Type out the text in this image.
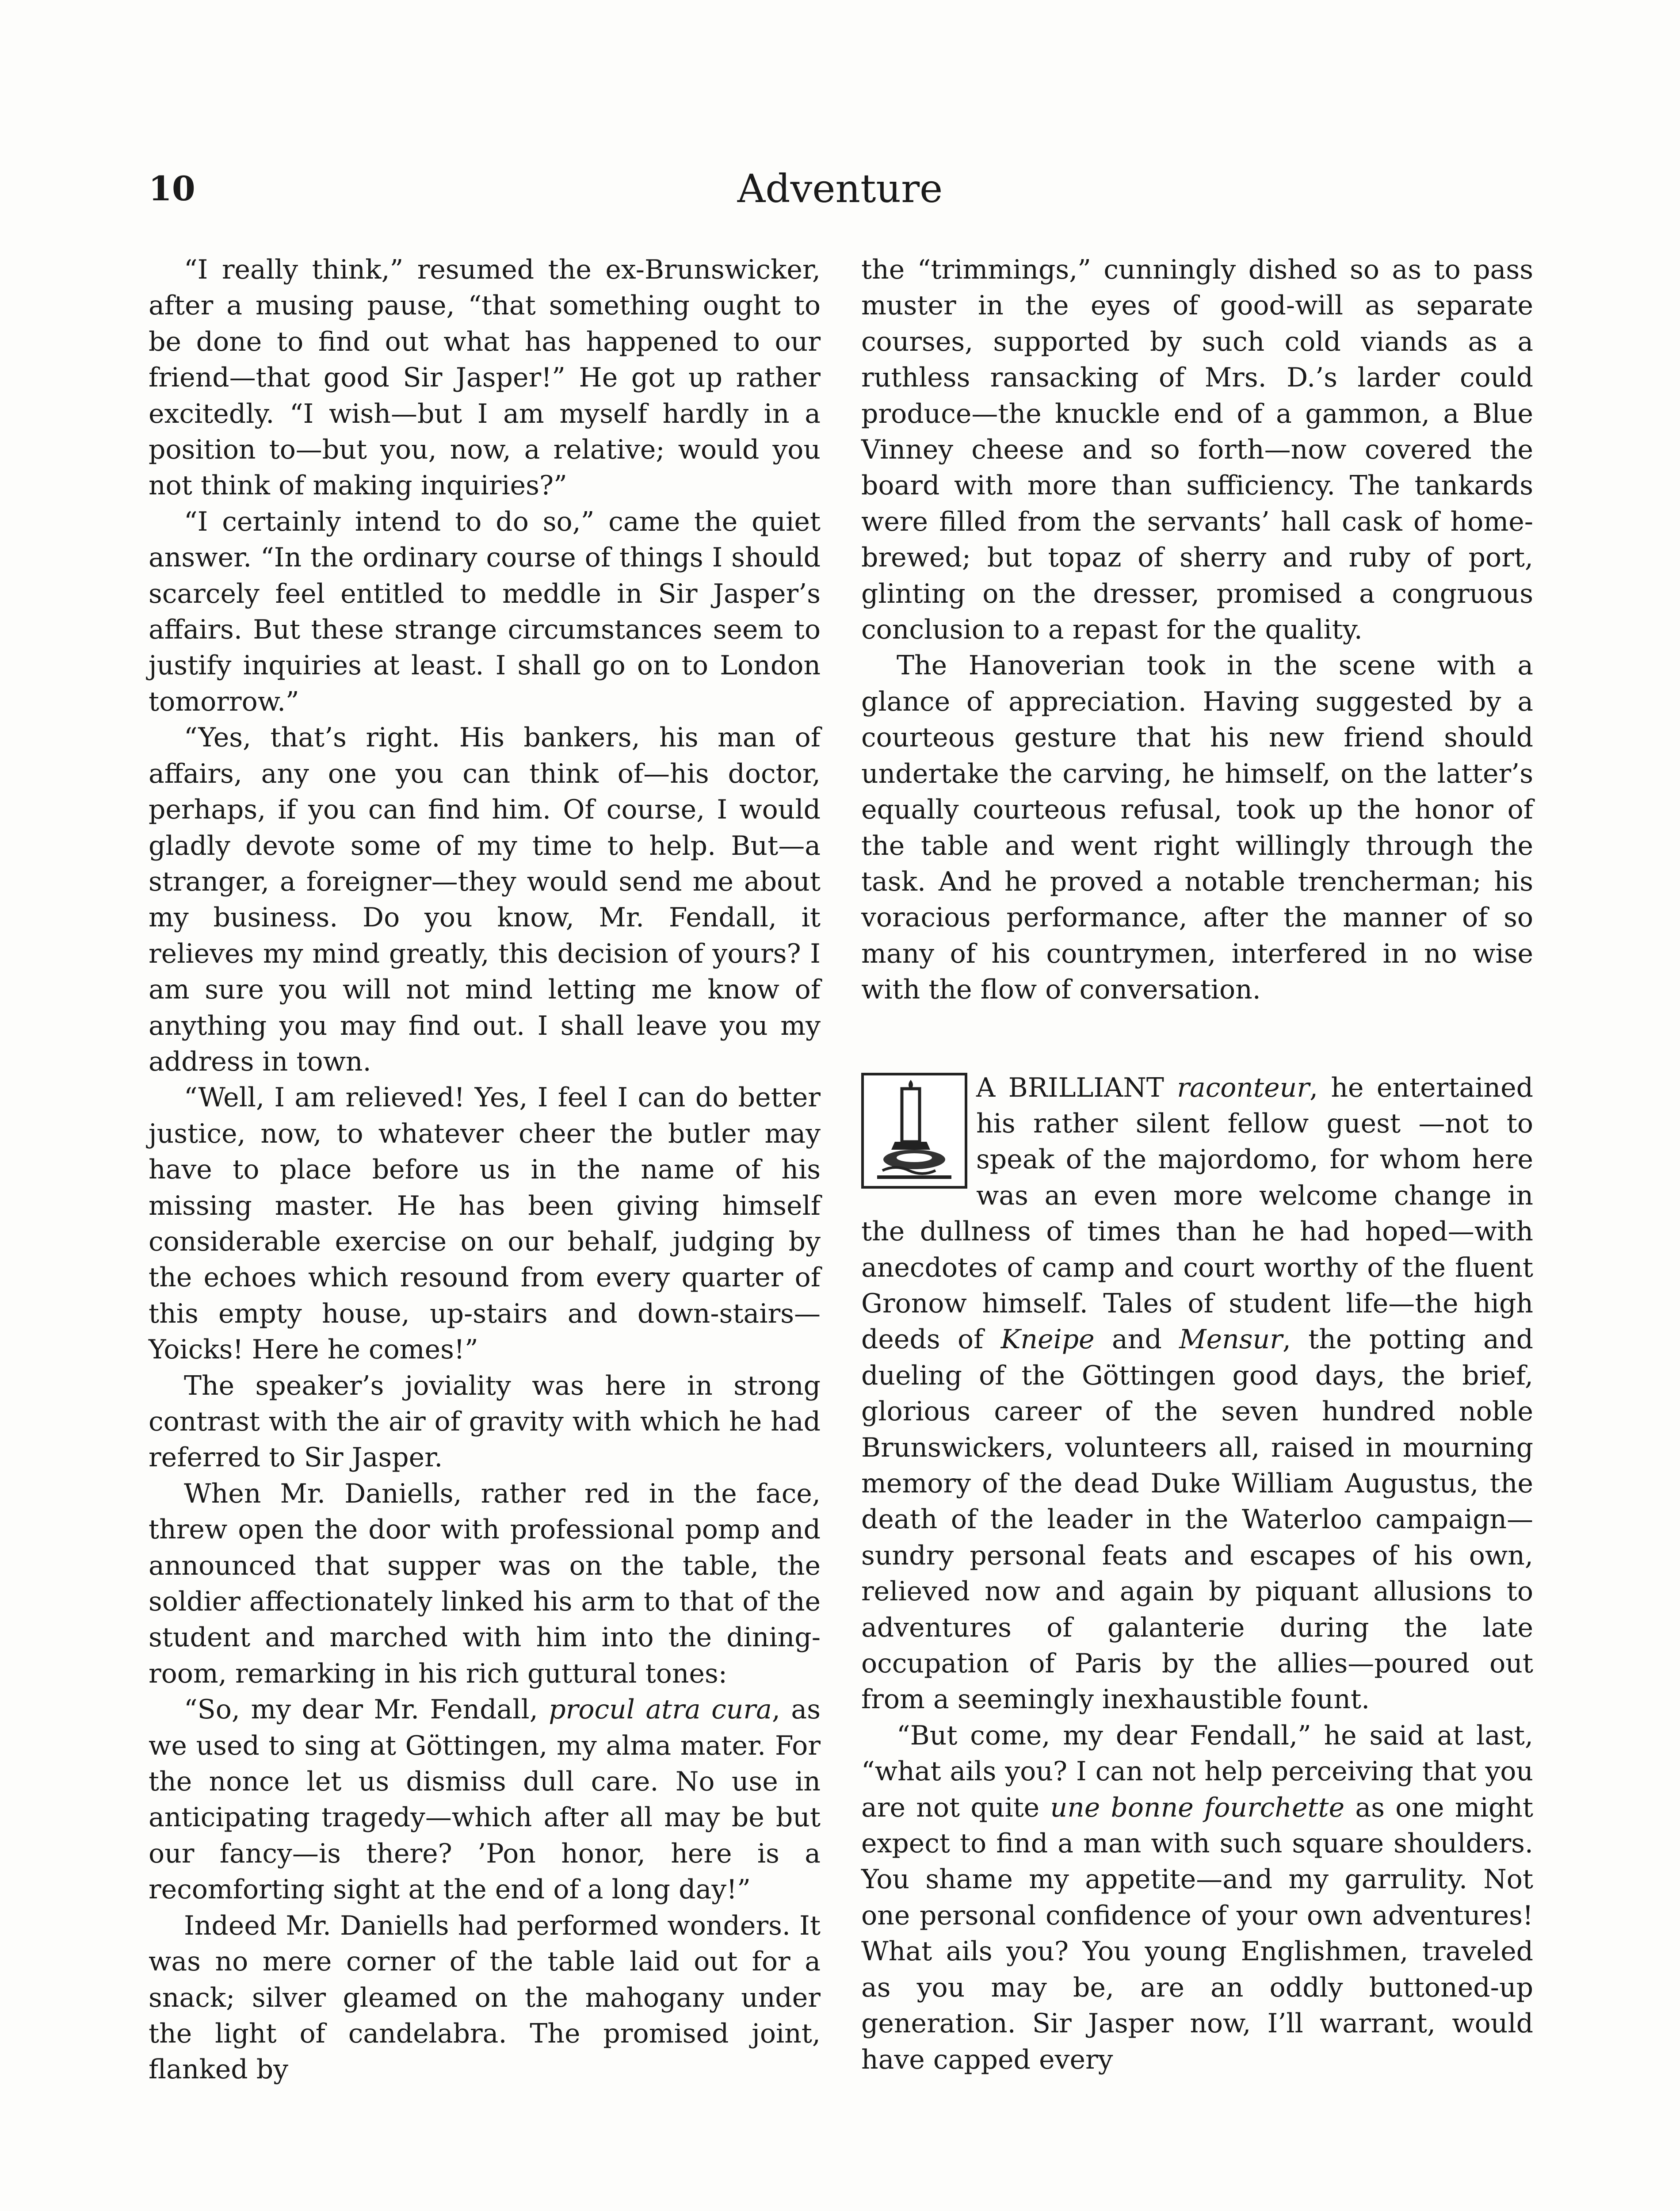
10	Adventure

“I really think,” resumed the ex-Brunswicker, after a musing pause, “that something ought to be done to find out what has happened to our friend—that good Sir Jasper!” He got up rather excitedly. “I wish—but I am myself hardly in a position to—but you, now, a relative; would you not think of making inquiries?”

“I certainly intend to do so,” came the quiet answer. “In the ordinary course of things I should scarcely feel entitled to meddle in Sir Jasper’s affairs. But these strange circumstances seem to justify inquiries at least. I shall go on to London tomorrow.”

“Yes, that’s right. His bankers, his man of affairs, any one you can think of—his doctor, perhaps, if you can find him. Of course, I would gladly devote some of my time to help. But—a stranger, a foreigner—they would send me about my business. Do you know, Mr. Fendall, it relieves my mind greatly, this decision of yours? I am sure you will not mind letting me know of anything you may find out. I shall leave you my address in town.

“Well, I am relieved! Yes, I feel I can do better justice, now, to whatever cheer the butler may have to place before us in the name of his missing master. He has been giving himself considerable exercise on our behalf, judging by the echoes which resound from every quarter of this empty house, up-stairs and down-stairs— Yoicks! Here he comes!”

The speaker’s joviality was here in strong contrast with the air of gravity with which he had referred to Sir Jasper.

When Mr. Daniells, rather red in the face, threw open the door with professional pomp and announced that supper was on the table, the soldier affectionately linked his arm to that of the student and marched with him into the dining-room, remarking in his rich guttural tones:

“So, my dear Mr. Fendall, procul atra cura, as we used to sing at Göttingen, my alma mater. For the nonce let us dismiss dull care. No use in anticipating tragedy—which after all may be but our fancy—is there? ’Pon honor, here is a recomforting sight at the end of a long day!”

Indeed Mr. Daniells had performed wonders. It was no mere corner of the table laid out for a snack; silver gleamed on the mahogany under the light of candelabra. The promised joint, flanked by

the “trimmings,” cunningly dished so as to pass muster in the eyes of good-will as separate courses, supported by such cold viands as a ruthless ransacking of Mrs. D.’s larder could produce—the knuckle end of a gammon, a Blue Vinney cheese and so forth—now covered the board with more than sufficiency. The tankards were filled from the servants’ hall cask of home-brewed; but topaz of sherry and ruby of port, glinting on the dresser, promised a congruous conclusion to a repast for the quality.

The Hanoverian took in the scene with a glance of appreciation. Having suggested by a courteous gesture that his new friend should undertake the carving, he himself, on the latter’s equally courteous refusal, took up the honor of the table and went right willingly through the task. And he proved a notable trencherman; his voracious performance, after the manner of so many of his countrymen, interfered in no wise with the flow of conversation.

A BRILLIANT raconteur, he entertained his rather silent fellow guest —not to speak of the majordomo, for whom here was an even more welcome change in the dullness of times than he had hoped—with anecdotes of camp and court worthy of the fluent Gronow himself. Tales of student life—the high deeds of Kneipe and Mensur, the potting and dueling of the Göttingen good days, the brief, glorious career of the seven hundred noble Brunswickers, volunteers all, raised in mourning memory of the dead Duke William Augustus, the death of the leader in the Waterloo campaign—sundry personal feats and escapes of his own, relieved now and again by piquant allusions to adventures of galanterie during the late occupation of Paris by the allies—poured out from a seemingly inexhaustible fount.

“But come, my dear Fendall,” he said at last, “what ails you? I can not help perceiving that you are not quite une bonne fourchette as one might expect to find a man with such square shoulders. You shame my appetite—and my garrulity. Not one personal confidence of your own adventures! What ails you? You young Englishmen, traveled as you may be, are an oddly buttoned-up generation. Sir Jasper now, I’ll warrant, would have capped every
